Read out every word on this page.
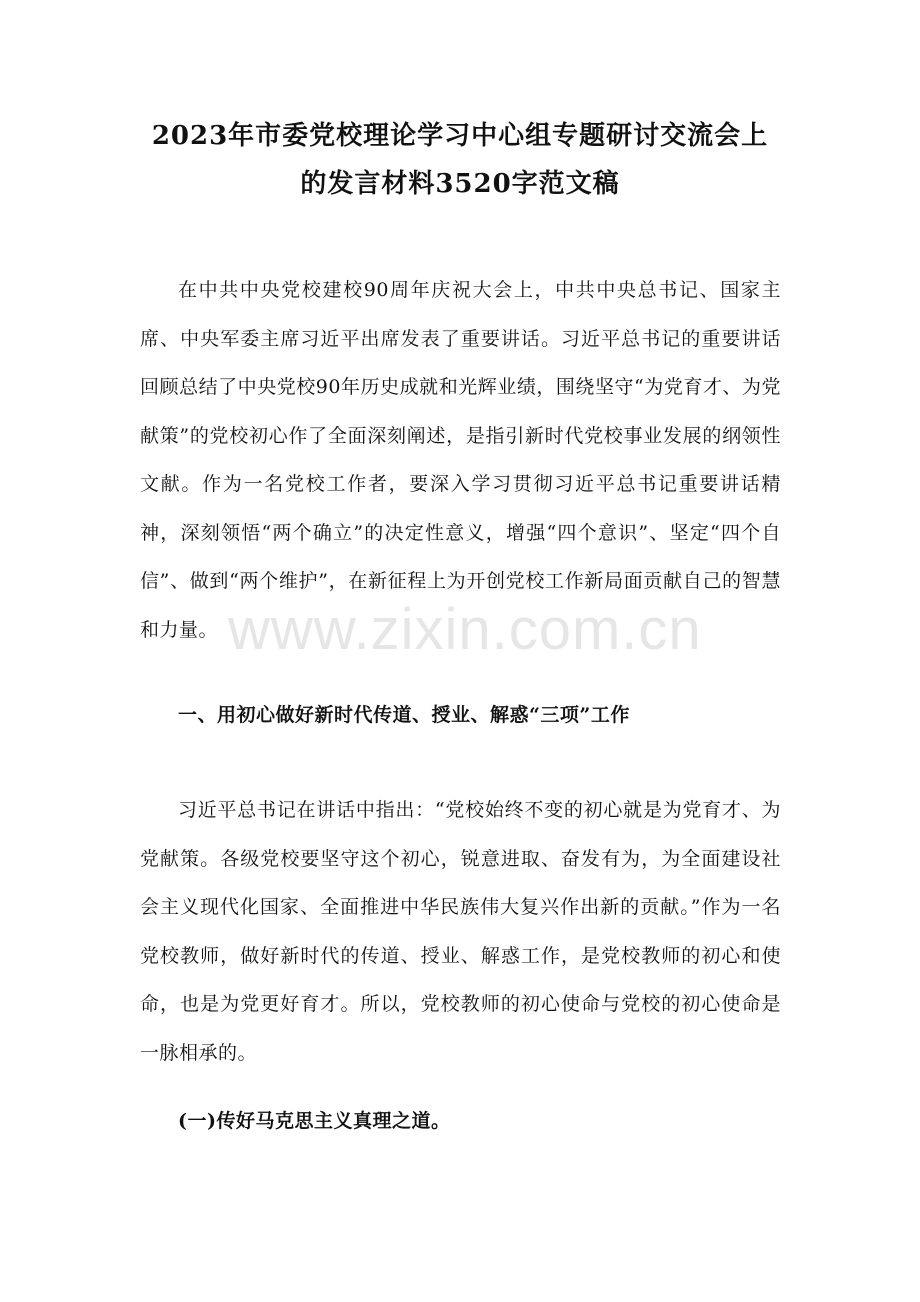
2023年市委党校理论学习中心组专题研讨交流会上的发言材料3520字范文稿

在中共中央党校建校90周年庆祝大会上，中共中央总书记、国家主席、中央军委主席习近平出席发表了重要讲话。习近平总书记的重要讲话回顾总结了中央党校90年历史成就和光辉业绩，围绕坚守“为党育才、为党献策”的党校初心作了全面深刻阐述，是指引新时代党校事业发展的纲领性文献。作为一名党校工作者，要深入学习贯彻习近平总书记重要讲话精神，深刻领悟“两个确立”的决定性意义，增强“四个意识”、坚定“四个自信”、做到“两个维护”，在新征程上为开创党校工作新局面贡献自己的智慧和力量。

一、用初心做好新时代传道、授业、解惑“三项”工作

习近平总书记在讲话中指出：“党校始终不变的初心就是为党育才、为党献策。各级党校要坚守这个初心，锐意进取、奋发有为，为全面建设社会主义现代化国家、全面推进中华民族伟大复兴作出新的贡献。”作为一名党校教师，做好新时代的传道、授业、解惑工作，是党校教师的初心和使命，也是为党更好育才。所以，党校教师的初心使命与党校的初心使命是一脉相承的。

(一)传好马克思主义真理之道。
www.zixin.com.cn
